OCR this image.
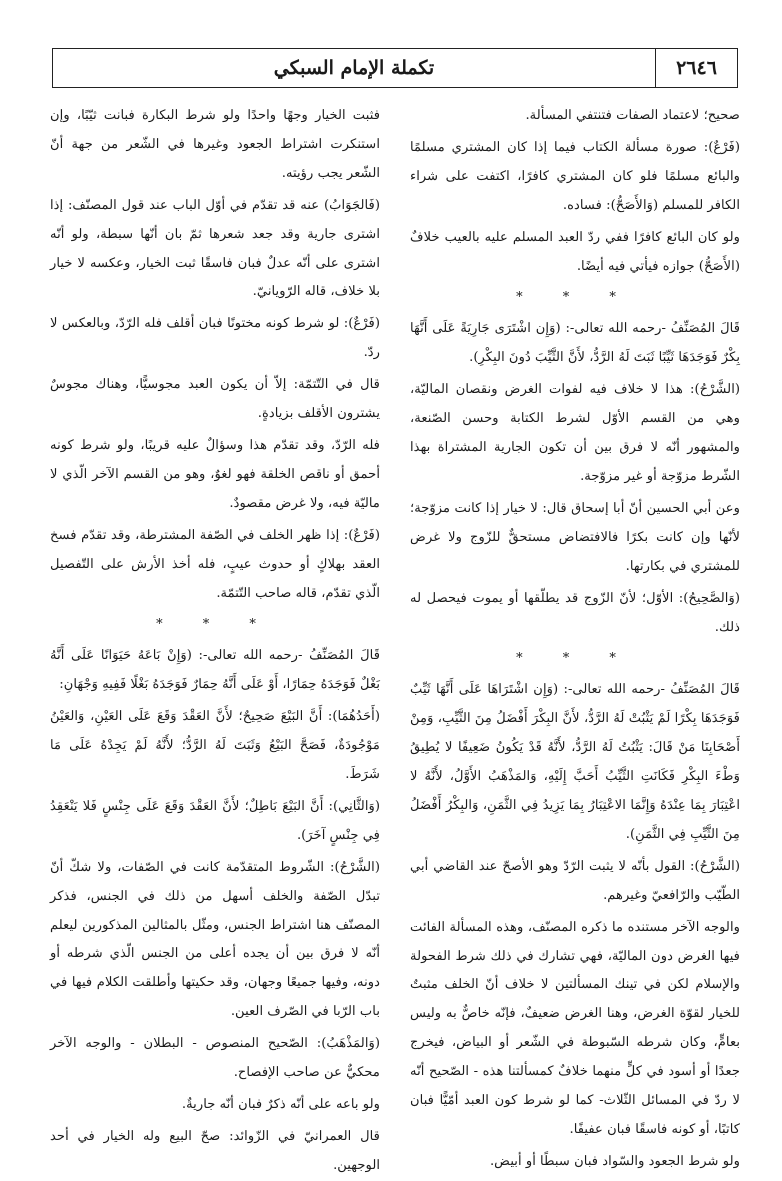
٢٦٤٦
تكملة الإمام السبكي
صحيح؛ لاعتماد الصفات فتنتفي المسألة.
(فَرْعٌ): صورة مسألة الكتاب فيما إذا كان المشتري مسلمًا والبائع مسلمًا فلو كان المشتري كافرًا، اكتفت على شراء الكافر للمسلم (وَالأَصَحُّ): فساده.
ولو كان البائع كافرًا ففي ردّ العبد المسلم عليه بالعيب خلافٌ (الأَصَحُّ) جوازه فيأتي فيه أيضًا.
* * *
قَالَ المُصَنِّفُ -رحمه الله تعالى-: (وَإِن اشْتَرَى جَارِيَةً عَلَى أَنَّهَا بِكْرٌ فَوَجَدَهَا ثَيِّبًا ثَبَتَ لَهُ الرَّدُّ، لأَنَّ الثَّيِّبَ دُونَ البِكْرِ).
(الشَّرْحُ): هذا لا خلاف فيه لفوات الغرض ونقصان الماليّة، وهي من القسم الأوّل لشرط الكتابة وحسن الصّنعة، والمشهور أنّه لا فرق بين أن تكون الجارية المشتراة بهذا الشّرط مزوّجة أو غير مزوّجة.
وعن أبي الحسين أنّ أبا إسحاق قال: لا خيار إذا كانت مزوّجة؛ لأنّها وإن كانت بكرًا فالافتضاض مستحقٌّ للزّوج ولا غرض للمشتري في بكارتها.
(وَالصَّحِيحُ): الأوّل؛ لأنّ الزّوج قد يطلّقها أو يموت فيحصل له ذلك.
* * *
قَالَ المُصَنِّفُ -رحمه الله تعالى-: (وَإِن اشْتَرَاهَا عَلَى أَنَّهَا ثَيِّبٌ فَوَجَدَهَا بِكْرًا لَمْ يَثْبُتْ لَهُ الرَّدُّ، لأَنَّ البِكْرَ أَفْضَلُ مِنَ الثَّيِّبِ، وَمِنْ أَصْحَابِنَا مَنْ قَالَ: يَثْبُتُ لَهُ الرَّدُّ، لأَنَّهُ قَدْ يَكُونُ ضَعِيفًا لا يُطِيقُ وَطْءَ البِكْرِ فَكَانَتِ الثَّيِّبُ أَحَبَّ إِلَيْهِ، وَالمَذْهَبُ الأَوَّلُ، لأَنَّهُ لا اعْتِبَارَ بِمَا عِنْدَهُ وَإِنَّمَا الاعْتِبَارُ بِمَا يَزِيدُ فِي الثَّمَنِ، وَالبِكْرُ أَفْضَلُ مِنَ الثَّيِّبِ فِي الثَّمَنِ).
(الشَّرْحُ): القول بأنّه لا يثبت الرّدّ وهو الأصحّ عند القاضي أبي الطّيّب والرّافعيّ وغيرهم.
والوجه الآخر مستنده ما ذكره المصنّف، وهذه المسألة الفائت فيها الغرض دون الماليّة، فهي تشارك في ذلك شرط الفحولة والإسلام لكن في تينك المسألتين لا خلاف أنّ الخلف مثبتٌ للخيار لقوّة الغرض، وهنا الغرض ضعيفٌ، فإنّه خاصٌّ به وليس بعامٍّ، وكان شرطه السّبوطة في الشّعر أو البياض، فيخرج جعدًا أو أسود في كلٍّ منهما خلافٌ كمسألتنا هذه - الصّحيح أنّه لا ردّ في المسائل الثّلاث- كما لو شرط كون العبد أمّيًّا فبان كاتبًا، أو كونه فاسقًا فبان عفيفًا.
ولو شرط الجعود والسّواد فبان سبطًا أو أبيض.
فثبت الخيار وجهًا واحدًا ولو شرط البكارة فبانت ثيّبًا، وإن استنكرت اشتراط الجعود وغيرها في الشّعر من جهة أنّ الشّعر يجب رؤيته.
(فَالجَوَابُ) عنه قد تقدّم في أوّل الباب عند قول المصنّف: إذا اشترى جارية وقد جعد شعرها ثمّ بان أنّها سبطة، ولو أنّه اشترى على أنّه عدلٌ فبان فاسقًا ثبت الخيار، وعكسه لا خيار بلا خلاف، قاله الرّويانيّ.
(فَرْعٌ): لو شرط كونه مختونًا فبان أقلف فله الرّدّ، وبالعكس لا ردّ.
قال في التّتمّة: إلاّ أن يكون العبد مجوسيًّا، وهناك مجوسٌ يشترون الأقلف بزيادةٍ.
فله الرّدّ، وقد تقدّم هذا وسؤالٌ عليه قريبًا، ولو شرط كونه أحمق أو ناقص الخلقة فهو لغوٌ، وهو من القسم الآخر الّذي لا ماليّة فيه، ولا غرض مقصودٌ.
(فَرْعٌ): إذا ظهر الخلف في الصّفة المشترطة، وقد تقدّم فسخ العقد بهلاكٍ أو حدوث عيبٍ، فله أخذ الأرش على التّفصيل الّذي تقدّم، قاله صاحب التّتمّة.
* * *
قَالَ المُصَنِّفُ -رحمه الله تعالى-: (وَإِنْ بَاعَهُ حَيَوَانًا عَلَى أَنَّهُ بَغْلٌ فَوَجَدَهُ حِمَارًا، أَوْ عَلَى أَنَّهُ حِمَارٌ فَوَجَدَهُ بَغْلًا فَفِيهِ وَجْهَانِ:
(أَحَدُهُمَا): أَنَّ البَيْعَ صَحِيحٌ؛ لأَنَّ العَقْدَ وَقَعَ عَلَى العَيْنِ، وَالعَيْنُ مَوْجُودَةٌ، فَصَحَّ البَيْعُ وَثَبَتَ لَهُ الرَّدُّ؛ لأَنَّهُ لَمْ يَجِدْهُ عَلَى مَا شَرَطَ.
(وَالثَّانِي): أَنَّ البَيْعَ بَاطِلٌ؛ لأَنَّ العَقْدَ وَقَعَ عَلَى جِنْسٍ فَلا يَنْعَقِدُ فِي جِنْسٍ آخَرَ).
(الشَّرْحُ): الشّروط المتقدّمة كانت في الصّفات، ولا شكّ أنّ تبدّل الصّفة والخلف أسهل من ذلك في الجنس، فذكر المصنّف هنا اشتراط الجنس، ومثّل بالمثالين المذكورين ليعلم أنّه لا فرق بين أن يجده أعلى من الجنس الّذي شرطه أو دونه، وفيها جميعًا وجهان، وقد حكيتها وأطلقت الكلام فيها في باب الرّبا في الصّرف العين.
(وَالمَذْهَبُ): الصّحيح المنصوص - البطلان - والوجه الآخر محكيٌّ عن صاحب الإفصاح.
ولو باعه على أنّه ذكرٌ فبان أنّه جاريةٌ.
قال العمرانيّ في الزّوائد: صحّ البيع وله الخيار في أحد الوجهين.
